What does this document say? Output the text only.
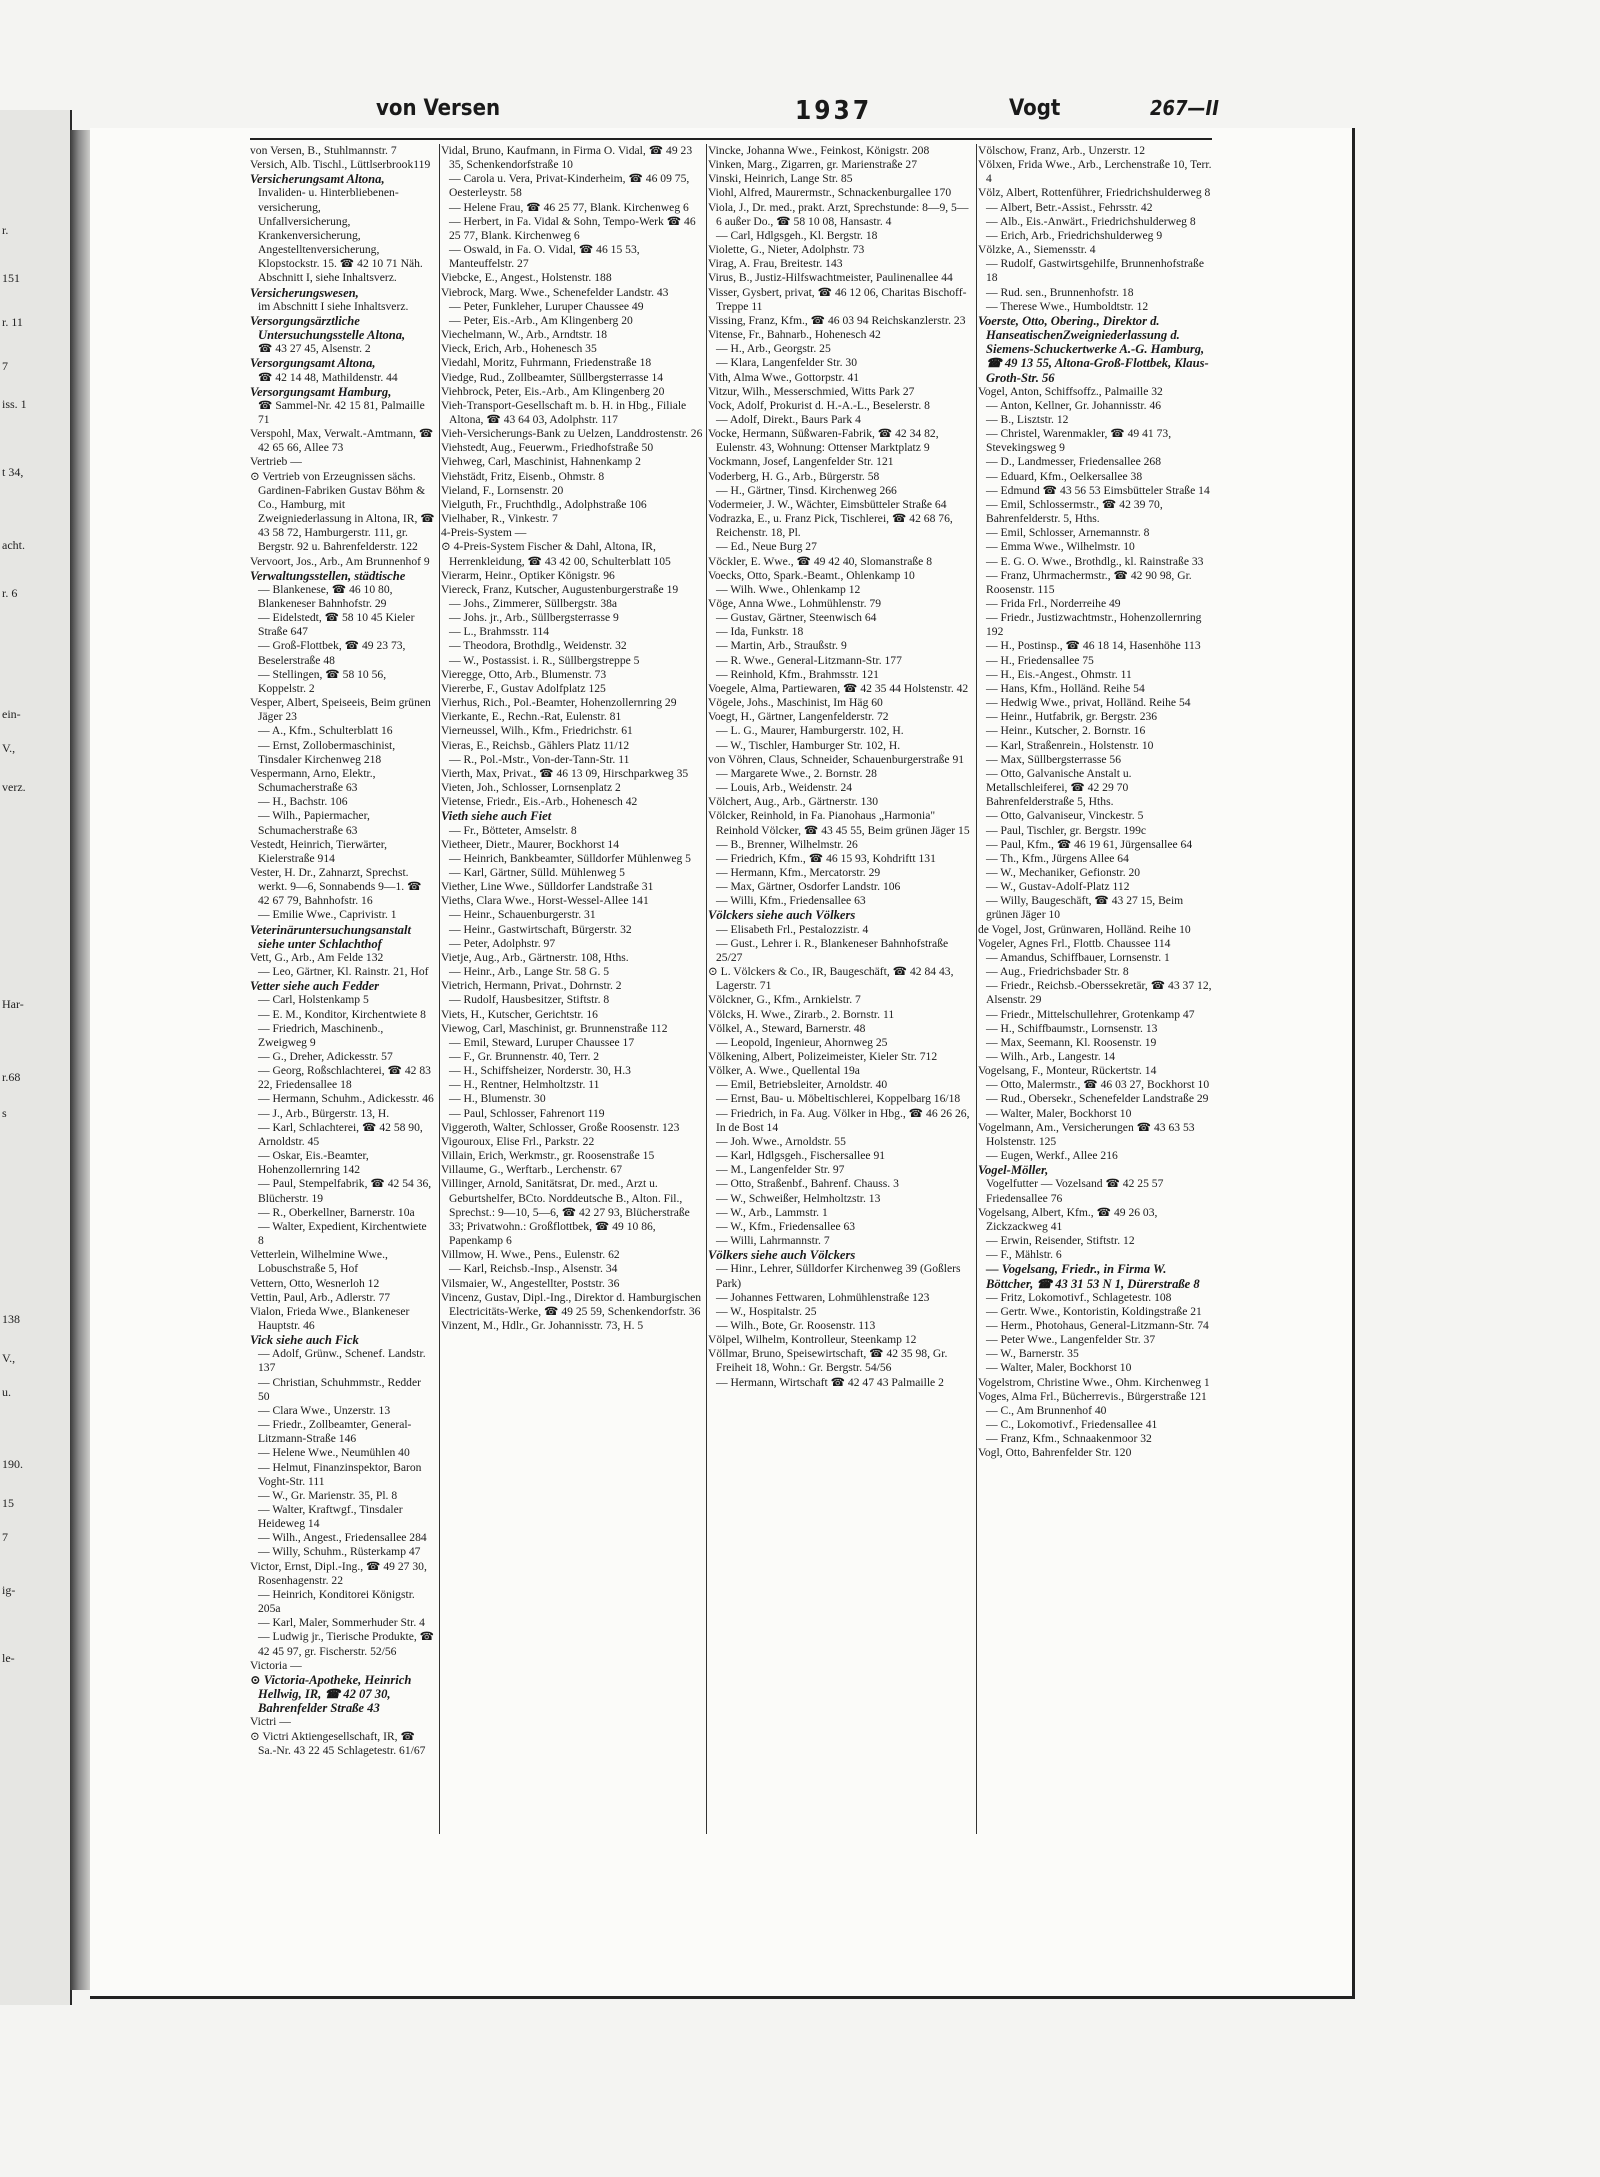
r.
151
r. 11
7
iss. 1
t 34,
acht.
r. 6
ein-
V.,
verz.
Har-
r.68
s
138
V.,
u.
190.
15
7
ig-
le-
von Versen	1937	Vogt	267—II
von Versen, B., Stuhlmannstr. 7
Versich, Alb. Tischl., Lüttlserbrook119
Versicherungsamt Altona,
Invaliden- u. Hinterbliebenen-versicherung,
Unfallversicherung,
Krankenversicherung,
Angestelltenversicherung,
Klopstockstr. 15. ☎ 42 10 71 Näh. Abschnitt I, siehe Inhaltsverz.
Versicherungswesen,
im Abschnitt I siehe Inhaltsverz.
Versorgungsärztliche Untersuchungsstelle Altona,
☎ 43 27 45, Alsenstr. 2
Versorgungsamt Altona,
☎ 42 14 48, Mathildenstr. 44
Versorgungsamt Hamburg,
☎ Sammel-Nr. 42 15 81, Palmaille 71
Verspohl, Max, Verwalt.-Amtmann, ☎ 42 65 66, Allee 73
Vertrieb —
⊙ Vertrieb von Erzeugnissen sächs. Gardinen-Fabriken Gustav Böhm & Co., Hamburg, mit Zweigniederlassung in Altona, IR, ☎ 43 58 72, Hamburgerstr. 111, gr. Bergstr. 92 u. Bahrenfelderstr. 122
Vervoort, Jos., Arb., Am Brunnenhof 9
Verwaltungsstellen, städtische
— Blankenese, ☎ 46 10 80, Blankeneser Bahnhofstr. 29
— Eidelstedt, ☎ 58 10 45 Kieler Straße 647
— Groß-Flottbek, ☎ 49 23 73, Beselerstraße 48
— Stellingen, ☎ 58 10 56, Koppelstr. 2
Vesper, Albert, Speiseeis, Beim grünen Jäger 23
— A., Kfm., Schulterblatt 16
— Ernst, Zollobermaschinist, Tinsdaler Kirchenweg 218
Vespermann, Arno, Elektr., Schumacherstraße 63
— H., Bachstr. 106
— Wilh., Papiermacher, Schumacherstraße 63
Vestedt, Heinrich, Tierwärter, Kielerstraße 914
Vester, H. Dr., Zahnarzt, Sprechst. werkt. 9—6, Sonnabends 9—1. ☎ 42 67 79, Bahnhofstr. 16
— Emilie Wwe., Caprivistr. 1
Veterinäruntersuchungsanstalt siehe unter Schlachthof
Vett, G., Arb., Am Felde 132
— Leo, Gärtner, Kl. Rainstr. 21, Hof
Vetter siehe auch Fedder
— Carl, Holstenkamp 5
— E. M., Konditor, Kirchentwiete 8
— Friedrich, Maschinenb., Zweigweg 9
— G., Dreher, Adickesstr. 57
— Georg, Roßschlachterei, ☎ 42 83 22, Friedensallee 18
— Hermann, Schuhm., Adickesstr. 46
— J., Arb., Bürgerstr. 13, H.
— Karl, Schlachterei, ☎ 42 58 90, Arnoldstr. 45
— Oskar, Eis.-Beamter, Hohenzollernring 142
— Paul, Stempelfabrik, ☎ 42 54 36, Blücherstr. 19
— R., Oberkellner, Barnerstr. 10a
— Walter, Expedient, Kirchentwiete 8
Vetterlein, Wilhelmine Wwe., Lobuschstraße 5, Hof
Vettern, Otto, Wesnerloh 12
Vettin, Paul, Arb., Adlerstr. 77
Vialon, Frieda Wwe., Blankeneser Hauptstr. 46
Vick siehe auch Fick
— Adolf, Grünw., Schenef. Landstr. 137
— Christian, Schuhmmstr., Redder 50
— Clara Wwe., Unzerstr. 13
— Friedr., Zollbeamter, General-Litzmann-Straße 146
— Helene Wwe., Neumühlen 40
— Helmut, Finanzinspektor, Baron Voght-Str. 111
— W., Gr. Marienstr. 35, Pl. 8
— Walter, Kraftwgf., Tinsdaler Heideweg 14
— Wilh., Angest., Friedensallee 284
— Willy, Schuhm., Rüsterkamp 47
Victor, Ernst, Dipl.-Ing., ☎ 49 27 30, Rosenhagenstr. 22
— Heinrich, Konditorei Königstr. 205a
— Karl, Maler, Sommerhuder Str. 4
— Ludwig jr., Tierische Produkte, ☎ 42 45 97, gr. Fischerstr. 52/56
Victoria —
⊙ Victoria-Apotheke, Heinrich Hellwig, IR, ☎ 42 07 30, Bahrenfelder Straße 43
Victri —
⊙ Victri Aktiengesellschaft, IR, ☎ Sa.-Nr. 43 22 45 Schlagetestr. 61/67
Vidal, Bruno, Kaufmann, in Firma O. Vidal, ☎ 49 23 35, Schenkendorfstraße 10
— Carola u. Vera, Privat-Kinderheim, ☎ 46 09 75, Oesterleystr. 58
— Helene Frau, ☎ 46 25 77, Blank. Kirchenweg 6
— Herbert, in Fa. Vidal & Sohn, Tempo-Werk ☎ 46 25 77, Blank. Kirchenweg 6
— Oswald, in Fa. O. Vidal, ☎ 46 15 53, Manteuffelstr. 27
Viebcke, E., Angest., Holstenstr. 188
Viebrock, Marg. Wwe., Schenefelder Landstr. 43
— Peter, Funkleher, Luruper Chaussee 49
— Peter, Eis.-Arb., Am Klingenberg 20
Viechelmann, W., Arb., Arndtstr. 18
Vieck, Erich, Arb., Hohenesch 35
Viedahl, Moritz, Fuhrmann, Friedenstraße 18
Viedge, Rud., Zollbeamter, Süllbergsterrasse 14
Viehbrock, Peter, Eis.-Arb., Am Klingenberg 20
Vieh-Transport-Gesellschaft m. b. H. in Hbg., Filiale Altona, ☎ 43 64 03, Adolphstr. 117
Vieh-Versicherungs-Bank zu Uelzen, Landdrostenstr. 26
Viehstedt, Aug., Feuerwm., Friedhofstraße 50
Viehweg, Carl, Maschinist, Hahnenkamp 2
Viehstädt, Fritz, Eisenb., Ohmstr. 8
Vieland, F., Lornsenstr. 20
Vielguth, Fr., Fruchthdlg., Adolphstraße 106
Vielhaber, R., Vinkestr. 7
4-Preis-System —
⊙ 4-Preis-System Fischer & Dahl, Altona, IR, Herrenkleidung, ☎ 43 42 00, Schulterblatt 105
Vierarm, Heinr., Optiker Königstr. 96
Viereck, Franz, Kutscher, Augustenburgerstraße 19
— Johs., Zimmerer, Süllbergstr. 38a
— Johs. jr., Arb., Süllbergsterrasse 9
— L., Brahmsstr. 114
— Theodora, Brothdlg., Weidenstr. 32
— W., Postassist. i. R., Süllbergstreppe 5
Vieregge, Otto, Arb., Blumenstr. 73
Viererbe, F., Gustav Adolfplatz 125
Vierhus, Rich., Pol.-Beamter, Hohenzollernring 29
Vierkante, E., Rechn.-Rat, Eulenstr. 81
Vierneussel, Wilh., Kfm., Friedrichstr. 61
Vieras, E., Reichsb., Gählers Platz 11/12
— R., Pol.-Mstr., Von-der-Tann-Str. 11
Vierth, Max, Privat., ☎ 46 13 09, Hirschparkweg 35
Vieten, Joh., Schlosser, Lornsenplatz 2
Vietense, Friedr., Eis.-Arb., Hohenesch 42
Vieth siehe auch Fiet
— Fr., Bötteter, Amselstr. 8
Vietheer, Dietr., Maurer, Bockhorst 14
— Heinrich, Bankbeamter, Sülldorfer Mühlenweg 5
— Karl, Gärtner, Sülld. Mühlenweg 5
Viether, Line Wwe., Sülldorfer Landstraße 31
Vieths, Clara Wwe., Horst-Wessel-Allee 141
— Heinr., Schauenburgerstr. 31
— Heinr., Gastwirtschaft, Bürgerstr. 32
— Peter, Adolphstr. 97
Vietje, Aug., Arb., Gärtnerstr. 108, Hths.
— Heinr., Arb., Lange Str. 58 G. 5
Vietrich, Hermann, Privat., Dohrnstr. 2
— Rudolf, Hausbesitzer, Stiftstr. 8
Viets, H., Kutscher, Gerichtstr. 16
Viewog, Carl, Maschinist, gr. Brunnenstraße 112
— Emil, Steward, Luruper Chaussee 17
— F., Gr. Brunnenstr. 40, Terr. 2
— H., Schiffsheizer, Norderstr. 30, H.3
— H., Rentner, Helmholtzstr. 11
— H., Blumenstr. 30
— Paul, Schlosser, Fahrenort 119
Viggeroth, Walter, Schlosser, Große Roosenstr. 123
Vigouroux, Elise Frl., Parkstr. 22
Villain, Erich, Werkmstr., gr. Roosenstraße 15
Villaume, G., Werftarb., Lerchenstr. 67
Villinger, Arnold, Sanitätsrat, Dr. med., Arzt u. Geburtshelfer, BCto. Norddeutsche B., Alton. Fil., Sprechst.: 9—10, 5—6, ☎ 42 27 93, Blücherstraße 33; Privatwohn.: Großflottbek, ☎ 49 10 86, Papenkamp 6
Villmow, H. Wwe., Pens., Eulenstr. 62
— Karl, Reichsb.-Insp., Alsenstr. 34
Vilsmaier, W., Angestellter, Poststr. 36
Vincenz, Gustav, Dipl.-Ing., Direktor d. Hamburgischen Electricitäts-Werke, ☎ 49 25 59, Schenkendorfstr. 36
Vinzent, M., Hdlr., Gr. Johannisstr. 73, H. 5
Vincke, Johanna Wwe., Feinkost, Königstr. 208
Vinken, Marg., Zigarren, gr. Marienstraße 27
Vinski, Heinrich, Lange Str. 85
Viohl, Alfred, Maurermstr., Schnackenburgallee 170
Viola, J., Dr. med., prakt. Arzt, Sprechstunde: 8—9, 5—6 außer Do., ☎ 58 10 08, Hansastr. 4
— Carl, Hdlgsgeh., Kl. Bergstr. 18
Violette, G., Nieter, Adolphstr. 73
Virag, A. Frau, Breitestr. 143
Virus, B., Justiz-Hilfswachtmeister, Paulinenallee 44
Visser, Gysbert, privat, ☎ 46 12 06, Charitas Bischoff-Treppe 11
Vissing, Franz, Kfm., ☎ 46 03 94 Reichskanzlerstr. 23
Vitense, Fr., Bahnarb., Hohenesch 42
— H., Arb., Georgstr. 25
— Klara, Langenfelder Str. 30
Vith, Alma Wwe., Gottorpstr. 41
Vitzur, Wilh., Messerschmied, Witts Park 27
Vock, Adolf, Prokurist d. H.-A.-L., Beselerstr. 8
— Adolf, Direkt., Baurs Park 4
Vocke, Hermann, Süßwaren-Fabrik, ☎ 42 34 82, Eulenstr. 43, Wohnung: Ottenser Marktplatz 9
Vockmann, Josef, Langenfelder Str. 121
Voderberg, H. G., Arb., Bürgerstr. 58
— H., Gärtner, Tinsd. Kirchenweg 266
Vodermeier, J. W., Wächter, Eimsbütteler Straße 64
Vodrazka, E., u. Franz Pick, Tischlerei, ☎ 42 68 76, Reichenstr. 18, Pl.
— Ed., Neue Burg 27
Vöckler, E. Wwe., ☎ 49 42 40, Slomanstraße 8
Voecks, Otto, Spark.-Beamt., Ohlenkamp 10
— Wilh. Wwe., Ohlenkamp 12
Vöge, Anna Wwe., Lohmühlenstr. 79
— Gustav, Gärtner, Steenwisch 64
— Ida, Funkstr. 18
— Martin, Arb., Straußstr. 9
— R. Wwe., General-Litzmann-Str. 177
— Reinhold, Kfm., Brahmsstr. 121
Voegele, Alma, Partiewaren, ☎ 42 35 44 Holstenstr. 42
Vögele, Johs., Maschinist, Im Häg 60
Voegt, H., Gärtner, Langenfelderstr. 72
— L. G., Maurer, Hamburgerstr. 102, H.
— W., Tischler, Hamburger Str. 102, H.
von Vöhren, Claus, Schneider, Schauenburgerstraße 91
— Margarete Wwe., 2. Bornstr. 28
— Louis, Arb., Weidenstr. 24
Völchert, Aug., Arb., Gärtnerstr. 130
Völcker, Reinhold, in Fa. Pianohaus „Harmonia" Reinhold Völcker, ☎ 43 45 55, Beim grünen Jäger 15
— B., Brenner, Wilhelmstr. 26
— Friedrich, Kfm., ☎ 46 15 93, Kohdriftt 131
— Hermann, Kfm., Mercatorstr. 29
— Max, Gärtner, Osdorfer Landstr. 106
— Willi, Kfm., Friedensallee 63
Völckers siehe auch Völkers
— Elisabeth Frl., Pestalozzistr. 4
— Gust., Lehrer i. R., Blankeneser Bahnhofstraße 25/27
⊙ L. Völckers & Co., IR, Baugeschäft, ☎ 42 84 43, Lagerstr. 71
Völckner, G., Kfm., Arnkielstr. 7
Völcks, H. Wwe., Zirarb., 2. Bornstr. 11
Völkel, A., Steward, Barnerstr. 48
— Leopold, Ingenieur, Ahornweg 25
Völkening, Albert, Polizeimeister, Kieler Str. 712
Völker, A. Wwe., Quellental 19a
— Emil, Betriebsleiter, Arnoldstr. 40
— Ernst, Bau- u. Möbeltischlerei, Koppelbarg 16/18
— Friedrich, in Fa. Aug. Völker in Hbg., ☎ 46 26 26, In de Bost 14
— Joh. Wwe., Arnoldstr. 55
— Karl, Hdlgsgeh., Fischersallee 91
— M., Langenfelder Str. 97
— Otto, Straßenbf., Bahrenf. Chauss. 3
— W., Schweißer, Helmholtzstr. 13
— W., Arb., Lammstr. 1
— W., Kfm., Friedensallee 63
— Willi, Lahrmannstr. 7
Völkers siehe auch Völckers
— Hinr., Lehrer, Sülldorfer Kirchenweg 39 (Goßlers Park)
— Johannes Fettwaren, Lohmühlenstraße 123
— W., Hospitalstr. 25
— Wilh., Bote, Gr. Roosenstr. 113
Völpel, Wilhelm, Kontrolleur, Steenkamp 12
Völlmar, Bruno, Speisewirtschaft, ☎ 42 35 98, Gr. Freiheit 18, Wohn.: Gr. Bergstr. 54/56
— Hermann, Wirtschaft ☎ 42 47 43 Palmaille 2
Völschow, Franz, Arb., Unzerstr. 12
Völxen, Frida Wwe., Arb., Lerchenstraße 10, Terr. 4
Völz, Albert, Rottenführer, Friedrichshulderweg 8
— Albert, Betr.-Assist., Fehrsstr. 42
— Alb., Eis.-Anwärt., Friedrichshulderweg 8
— Erich, Arb., Friedrichshulderweg 9
Völzke, A., Siemensstr. 4
— Rudolf, Gastwirtsgehilfe, Brunnenhofstraße 18
— Rud. sen., Brunnenhofstr. 18
— Therese Wwe., Humboldtstr. 12
Voerste, Otto, Obering., Direktor d. HanseatischenZweigniederlassung d. Siemens-Schuckertwerke A.-G. Hamburg, ☎ 49 13 55, Altona-Groß-Flottbek, Klaus-Groth-Str. 56
Vogel, Anton, Schiffsoffz., Palmaille 32
— Anton, Kellner, Gr. Johannisstr. 46
— B., Lisztstr. 12
— Christel, Warenmakler, ☎ 49 41 73, Stevekingsweg 9
— D., Landmesser, Friedensallee 268
— Eduard, Kfm., Oelkersallee 38
— Edmund ☎ 43 56 53 Eimsbütteler Straße 14
— Emil, Schlossermstr., ☎ 42 39 70, Bahrenfelderstr. 5, Hths.
— Emil, Schlosser, Arnemannstr. 8
— Emma Wwe., Wilhelmstr. 10
— E. G. O. Wwe., Brothdlg., kl. Rainstraße 33
— Franz, Uhrmachermstr., ☎ 42 90 98, Gr. Roosenstr. 115
— Frida Frl., Norderreihe 49
— Friedr., Justizwachtmstr., Hohenzollernring 192
— H., Postinsp., ☎ 46 18 14, Hasenhöhe 113
— H., Friedensallee 75
— H., Eis.-Angest., Ohmstr. 11
— Hans, Kfm., Holländ. Reihe 54
— Hedwig Wwe., privat, Holländ. Reihe 54
— Heinr., Hutfabrik, gr. Bergstr. 236
— Heinr., Kutscher, 2. Bornstr. 16
— Karl, Straßenrein., Holstenstr. 10
— Max, Süllbergsterrasse 56
— Otto, Galvanische Anstalt u. Metallschleiferei, ☎ 42 29 70 Bahrenfelderstraße 5, Hths.
— Otto, Galvaniseur, Vinckestr. 5
— Paul, Tischler, gr. Bergstr. 199c
— Paul, Kfm., ☎ 46 19 61, Jürgensallee 64
— Th., Kfm., Jürgens Allee 64
— W., Mechaniker, Gefionstr. 20
— W., Gustav-Adolf-Platz 112
— Willy, Baugeschäft, ☎ 43 27 15, Beim grünen Jäger 10
de Vogel, Jost, Grünwaren, Holländ. Reihe 10
Vogeler, Agnes Frl., Flottb. Chaussee 114
— Amandus, Schiffbauer, Lornsenstr. 1
— Aug., Friedrichsbader Str. 8
— Friedr., Reichsb.-Oberssekretär, ☎ 43 37 12, Alsenstr. 29
— Friedr., Mittelschullehrer, Grotenkamp 47
— H., Schiffbaumstr., Lornsenstr. 13
— Max, Seemann, Kl. Roosenstr. 19
— Wilh., Arb., Langestr. 14
Vogelsang, F., Monteur, Rückertstr. 14
— Otto, Malermstr., ☎ 46 03 27, Bockhorst 10
— Rud., Obersekr., Schenefelder Landstraße 29
— Walter, Maler, Bockhorst 10
Vogelmann, Am., Versicherungen ☎ 43 63 53 Holstenstr. 125
— Eugen, Werkf., Allee 216
Vogel-Möller,
Vogelfutter — Vozelsand ☎ 42 25 57 Friedensallee 76
Vogelsang, Albert, Kfm., ☎ 49 26 03, Zickzackweg 41
— Erwin, Reisender, Stiftstr. 12
— F., Mählstr. 6
— Vogelsang, Friedr., in Firma W. Böttcher, ☎ 43 31 53 N 1, Dürerstraße 8
— Fritz, Lokomotivf., Schlagetestr. 108
— Gertr. Wwe., Kontoristin, Koldingstraße 21
— Herm., Photohaus, General-Litzmann-Str. 74
— Peter Wwe., Langenfelder Str. 37
— W., Barnerstr. 35
— Walter, Maler, Bockhorst 10
Vogelstrom, Christine Wwe., Ohm. Kirchenweg 1
Voges, Alma Frl., Bücherrevis., Bürgerstraße 121
— C., Am Brunnenhof 40
— C., Lokomotivf., Friedensallee 41
— Franz, Kfm., Schnaakenmoor 32
Vogl, Otto, Bahrenfelder Str. 120
